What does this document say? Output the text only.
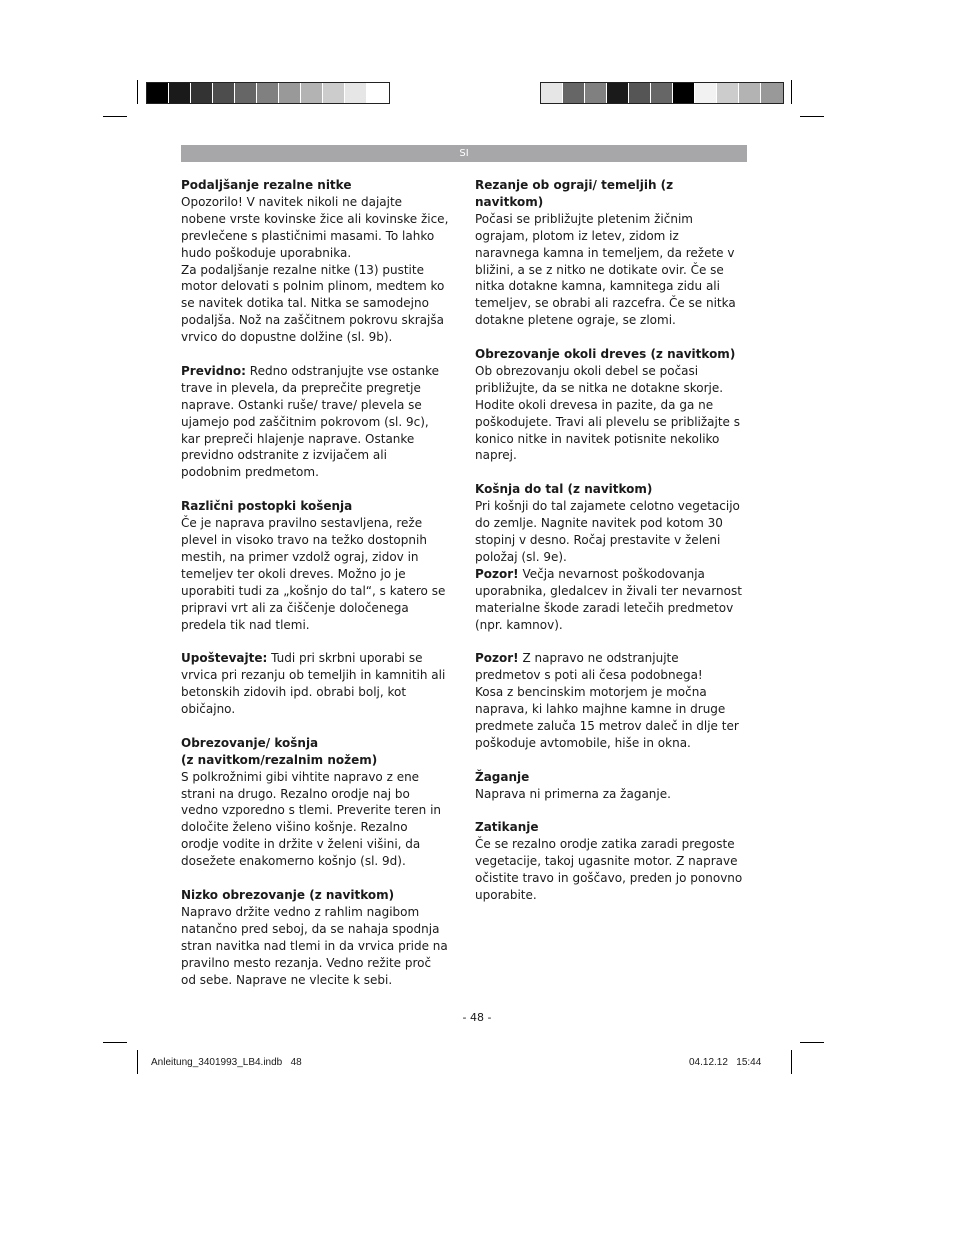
SI
Podaljšanje rezalne nitke
Opozorilo! V navitek nikoli ne dajajte nobene vrste kovinske žice ali kovinske žice, prevlečene s plastičnimi masami. To lahko hudo poškoduje uporabnika.
Za podaljšanje rezalne nitke (13) pustite motor delovati s polnim plinom, medtem ko se navitek dotika tal. Nitka se samodejno podaljša. Nož na zaščitnem pokrovu skrajša vrvico do dopustne dolžine (sl. 9b).
Previdno: Redno odstranjujte vse ostanke trave in plevela, da preprečite pregretje naprave. Ostanki ruše/ trave/ plevela se ujamejo pod zaščitnim pokrovom (sl. 9c), kar prepreči hlajenje naprave. Ostanke previdno odstranite z izvijačem ali podobnim predmetom.
Različni postopki košenja
Če je naprava pravilno sestavljena, reže plevel in visoko travo na težko dostopnih mestih, na primer vzdolž ograj, zidov in temeljev ter okoli dreves. Možno jo je uporabiti tudi za „košnjo do tal“, s katero se pripravi vrt ali za čiščenje določenega predela tik nad tlemi.
Upoštevajte: Tudi pri skrbni uporabi se vrvica pri rezanju ob temeljih in kamnitih ali betonskih zidovih ipd. obrabi bolj, kot običajno.
Obrezovanje/ košnja
(z navitkom/rezalnim nožem)
S polkrožnimi gibi vihtite napravo z ene strani na drugo. Rezalno orodje naj bo vedno vzporedno s tlemi. Preverite teren in določite želeno višino košnje. Rezalno orodje vodite in držite v želeni višini, da dosežete enakomerno košnjo (sl. 9d).
Nizko obrezovanje (z navitkom)
Napravo držite vedno z rahlim nagibom natančno pred seboj, da se nahaja spodnja stran navitka nad tlemi in da vrvica pride na pravilno mesto rezanja. Vedno režite proč od sebe. Naprave ne vlecite k sebi.
Rezanje ob ograji/ temeljih (z navitkom)
Počasi se približujte pletenim žičnim ograjam, plotom iz letev, zidom iz naravnega kamna in temeljem, da režete v bližini, a se z nitko ne dotikate ovir. Če se nitka dotakne kamna, kamnitega zidu ali temeljev, se obrabi ali razcefra. Če se nitka dotakne pletene ograje, se zlomi.
Obrezovanje okoli dreves (z navitkom)
Ob obrezovanju okoli debel se počasi približujte, da se nitka ne dotakne skorje. Hodite okoli drevesa in pazite, da ga ne poškodujete. Travi ali plevelu se približajte s konico nitke in navitek potisnite nekoliko naprej.
Košnja do tal (z navitkom)
Pri košnji do tal zajamete celotno vegetacijo do zemlje. Nagnite navitek pod kotom 30 stopinj v desno. Ročaj prestavite v želeni položaj (sl. 9e).
Pozor! Večja nevarnost poškodovanja uporabnika, gledalcev in živali ter nevarnost materialne škode zaradi letečih predmetov (npr. kamnov).
Pozor! Z napravo ne odstranjujte predmetov s poti ali česa podobnega!
Kosa z bencinskim motorjem je močna naprava, ki lahko majhne kamne in druge predmete zaluča 15 metrov daleč in dlje ter poškoduje avtomobile, hiše in okna.
Žaganje
Naprava ni primerna za žaganje.
Zatikanje
Če se rezalno orodje zatika zaradi pregoste vegetacije, takoj ugasnite motor. Z naprave očistite travo in goščavo, preden jo ponovno uporabite.
- 48 -
Anleitung_3401993_LB4.indb   48	04.12.12   15:44
